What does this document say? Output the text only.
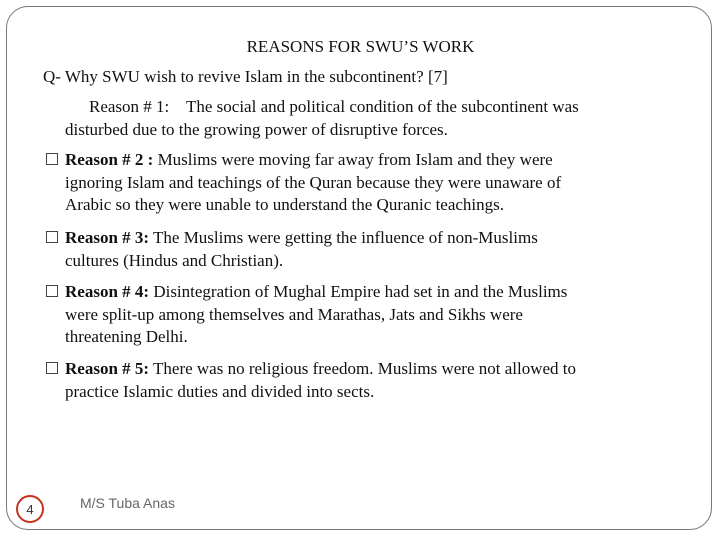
REASONS FOR SWU’S WORK
Q- Why SWU wish to revive Islam in the subcontinent? [7]
Reason # 1: The social and political condition of the subcontinent was
disturbed due to the growing power of disruptive forces.
Reason # 2 : Muslims were moving far away from Islam and they were
ignoring Islam and teachings of the Quran because they were unaware of
Arabic so they were unable to understand the Quranic teachings.
Reason # 3: The Muslims were getting the influence of non-Muslims
cultures (Hindus and Christian).
Reason # 4: Disintegration of Mughal Empire had set in and the Muslims
were split-up among themselves and Marathas, Jats and Sikhs were
threatening Delhi.
Reason # 5: There was no religious freedom. Muslims were not allowed to
practice Islamic duties and divided into sects.
4	M/S Tuba Anas
